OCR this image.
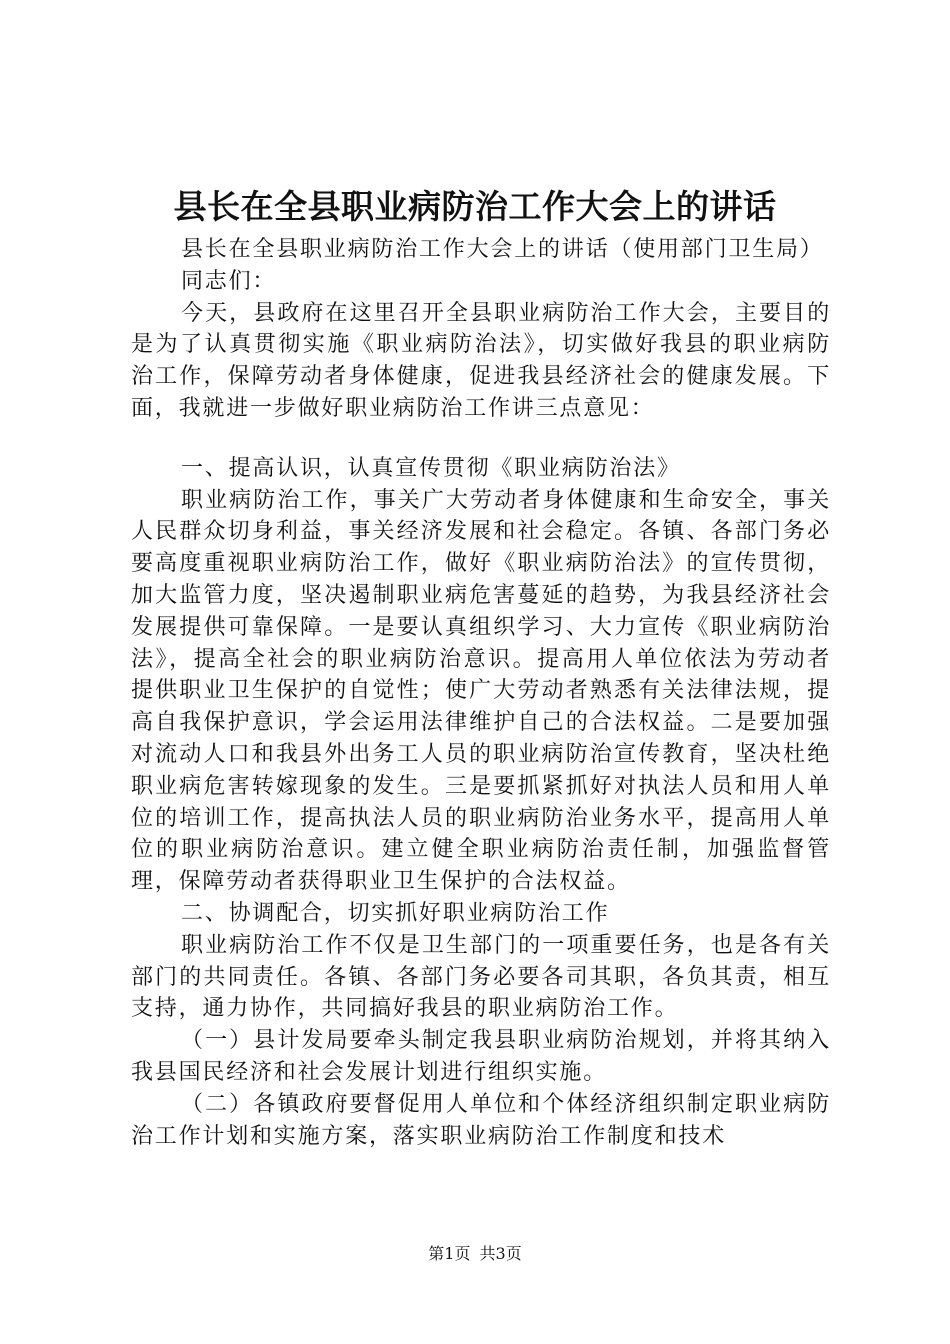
县长在全县职业病防治工作大会上的讲话

县长在全县职业病防治工作大会上的讲话（使用部门卫生局）

同志们：

今天，县政府在这里召开全县职业病防治工作大会，主要目的是为了认真贯彻实施《职业病防治法》，切实做好我县的职业病防治工作，保障劳动者身体健康，促进我县经济社会的健康发展。下面，我就进一步做好职业病防治工作讲三点意见：

一、提高认识，认真宣传贯彻《职业病防治法》

职业病防治工作，事关广大劳动者身体健康和生命安全，事关人民群众切身利益，事关经济发展和社会稳定。各镇、各部门务必要高度重视职业病防治工作，做好《职业病防治法》的宣传贯彻，加大监管力度，坚决遏制职业病危害蔓延的趋势，为我县经济社会发展提供可靠保障。一是要认真组织学习、大力宣传《职业病防治法》，提高全社会的职业病防治意识。提高用人单位依法为劳动者提供职业卫生保护的自觉性；使广大劳动者熟悉有关法律法规，提高自我保护意识，学会运用法律维护自己的合法权益。二是要加强对流动人口和我县外出务工人员的职业病防治宣传教育，坚决杜绝职业病危害转嫁现象的发生。三是要抓紧抓好对执法人员和用人单位的培训工作，提高执法人员的职业病防治业务水平，提高用人单位的职业病防治意识。建立健全职业病防治责任制，加强监督管理，保障劳动者获得职业卫生保护的合法权益。

二、协调配合，切实抓好职业病防治工作

职业病防治工作不仅是卫生部门的一项重要任务，也是各有关部门的共同责任。各镇、各部门务必要各司其职，各负其责，相互支持，通力协作，共同搞好我县的职业病防治工作。

（一）县计发局要牵头制定我县职业病防治规划，并将其纳入我县国民经济和社会发展计划进行组织实施。

（二）各镇政府要督促用人单位和个体经济组织制定职业病防治工作计划和实施方案，落实职业病防治工作制度和技术

第1页 共3页
